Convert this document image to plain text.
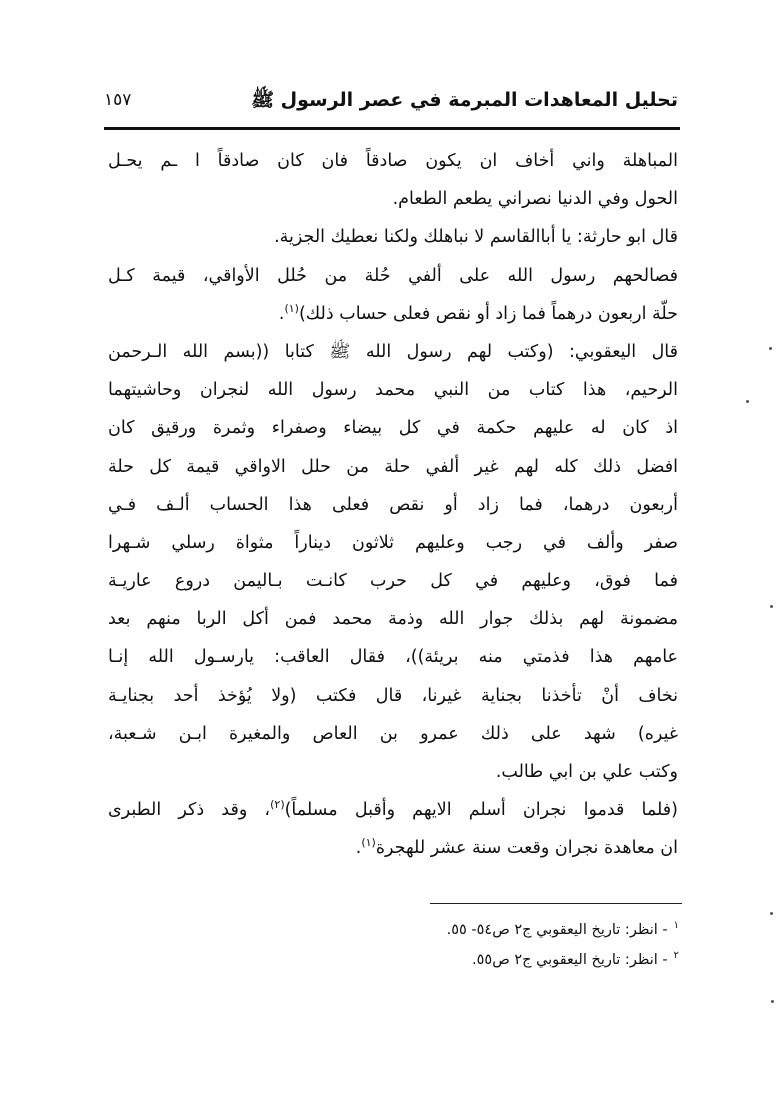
تحليل المعاهدات المبرمة في عصر الرسول ﷺ
١٥٧
المباهلة واني أخاف ان يكون صادقاً فان كان صادقاً ا ـم يحـل
الحول وفي الدنيا نصراني يطعم الطعام.
قال ابو حارثة: يا أباالقاسم لا نباهلك ولكنا نعطيك الجزية.
فصالحهم رسول الله على ألفي حُلة من حُلل الأواقي، قيمة كـل
حلّة اربعون درهماً فما زاد أو نقص فعلى حساب ذلك)$^{(١)}$.
قال اليعقوبي: (وكتب لهم رسول الله ﷺ كتابا ((بسم الله الـرحمن
الرحيم، هذا كتاب من النبي محمد رسول الله لنجران وحاشيتهما
اذ كان له عليهم حكمة في كل بيضاء وصفراء وثمرة ورقيق كان
افضل ذلك كله لهم غير ألفي حلة من حلل الاواقي قيمة كل حلة
أربعون درهما، فما زاد أو نقص فعلى هذا الحساب ألـف فـي
صفر وألف في رجب وعليهم ثلاثون ديناراً مثواة رسلي شـهرا
فما فوق، وعليهم في كل حرب كانـت بـاليمن دروع عاريـة
مضمونة لهم بذلك جوار الله وذمة محمد فمن أكل الربا منهم بعد
عامهم هذا فذمتي منه بريئة))، فقال العاقب: يارسـول الله إنـا
نخاف أنْ تأخذنا بجناية غيرنا، قال فكتب (ولا يُؤخذ أحد بجنايـة
غيره) شهد على ذلك عمرو بن العاص والمغيرة ابـن شـعبة،
وكتب علي بن ابي طالب.
(فلما قدموا نجران أسلم الايهم وأقبل مسلماً)$^{(٢)}$، وقد ذكر الطبرى
ان معاهدة نجران وقعت سنة عشر للهجرة$^{(١)}$.
$^١$- انظر: تاريخ اليعقوبي ج٢ ص٥٤- ٥٥.
$^٢$- انظر: تاريخ اليعقوبي ج٢ ص٥٥.
